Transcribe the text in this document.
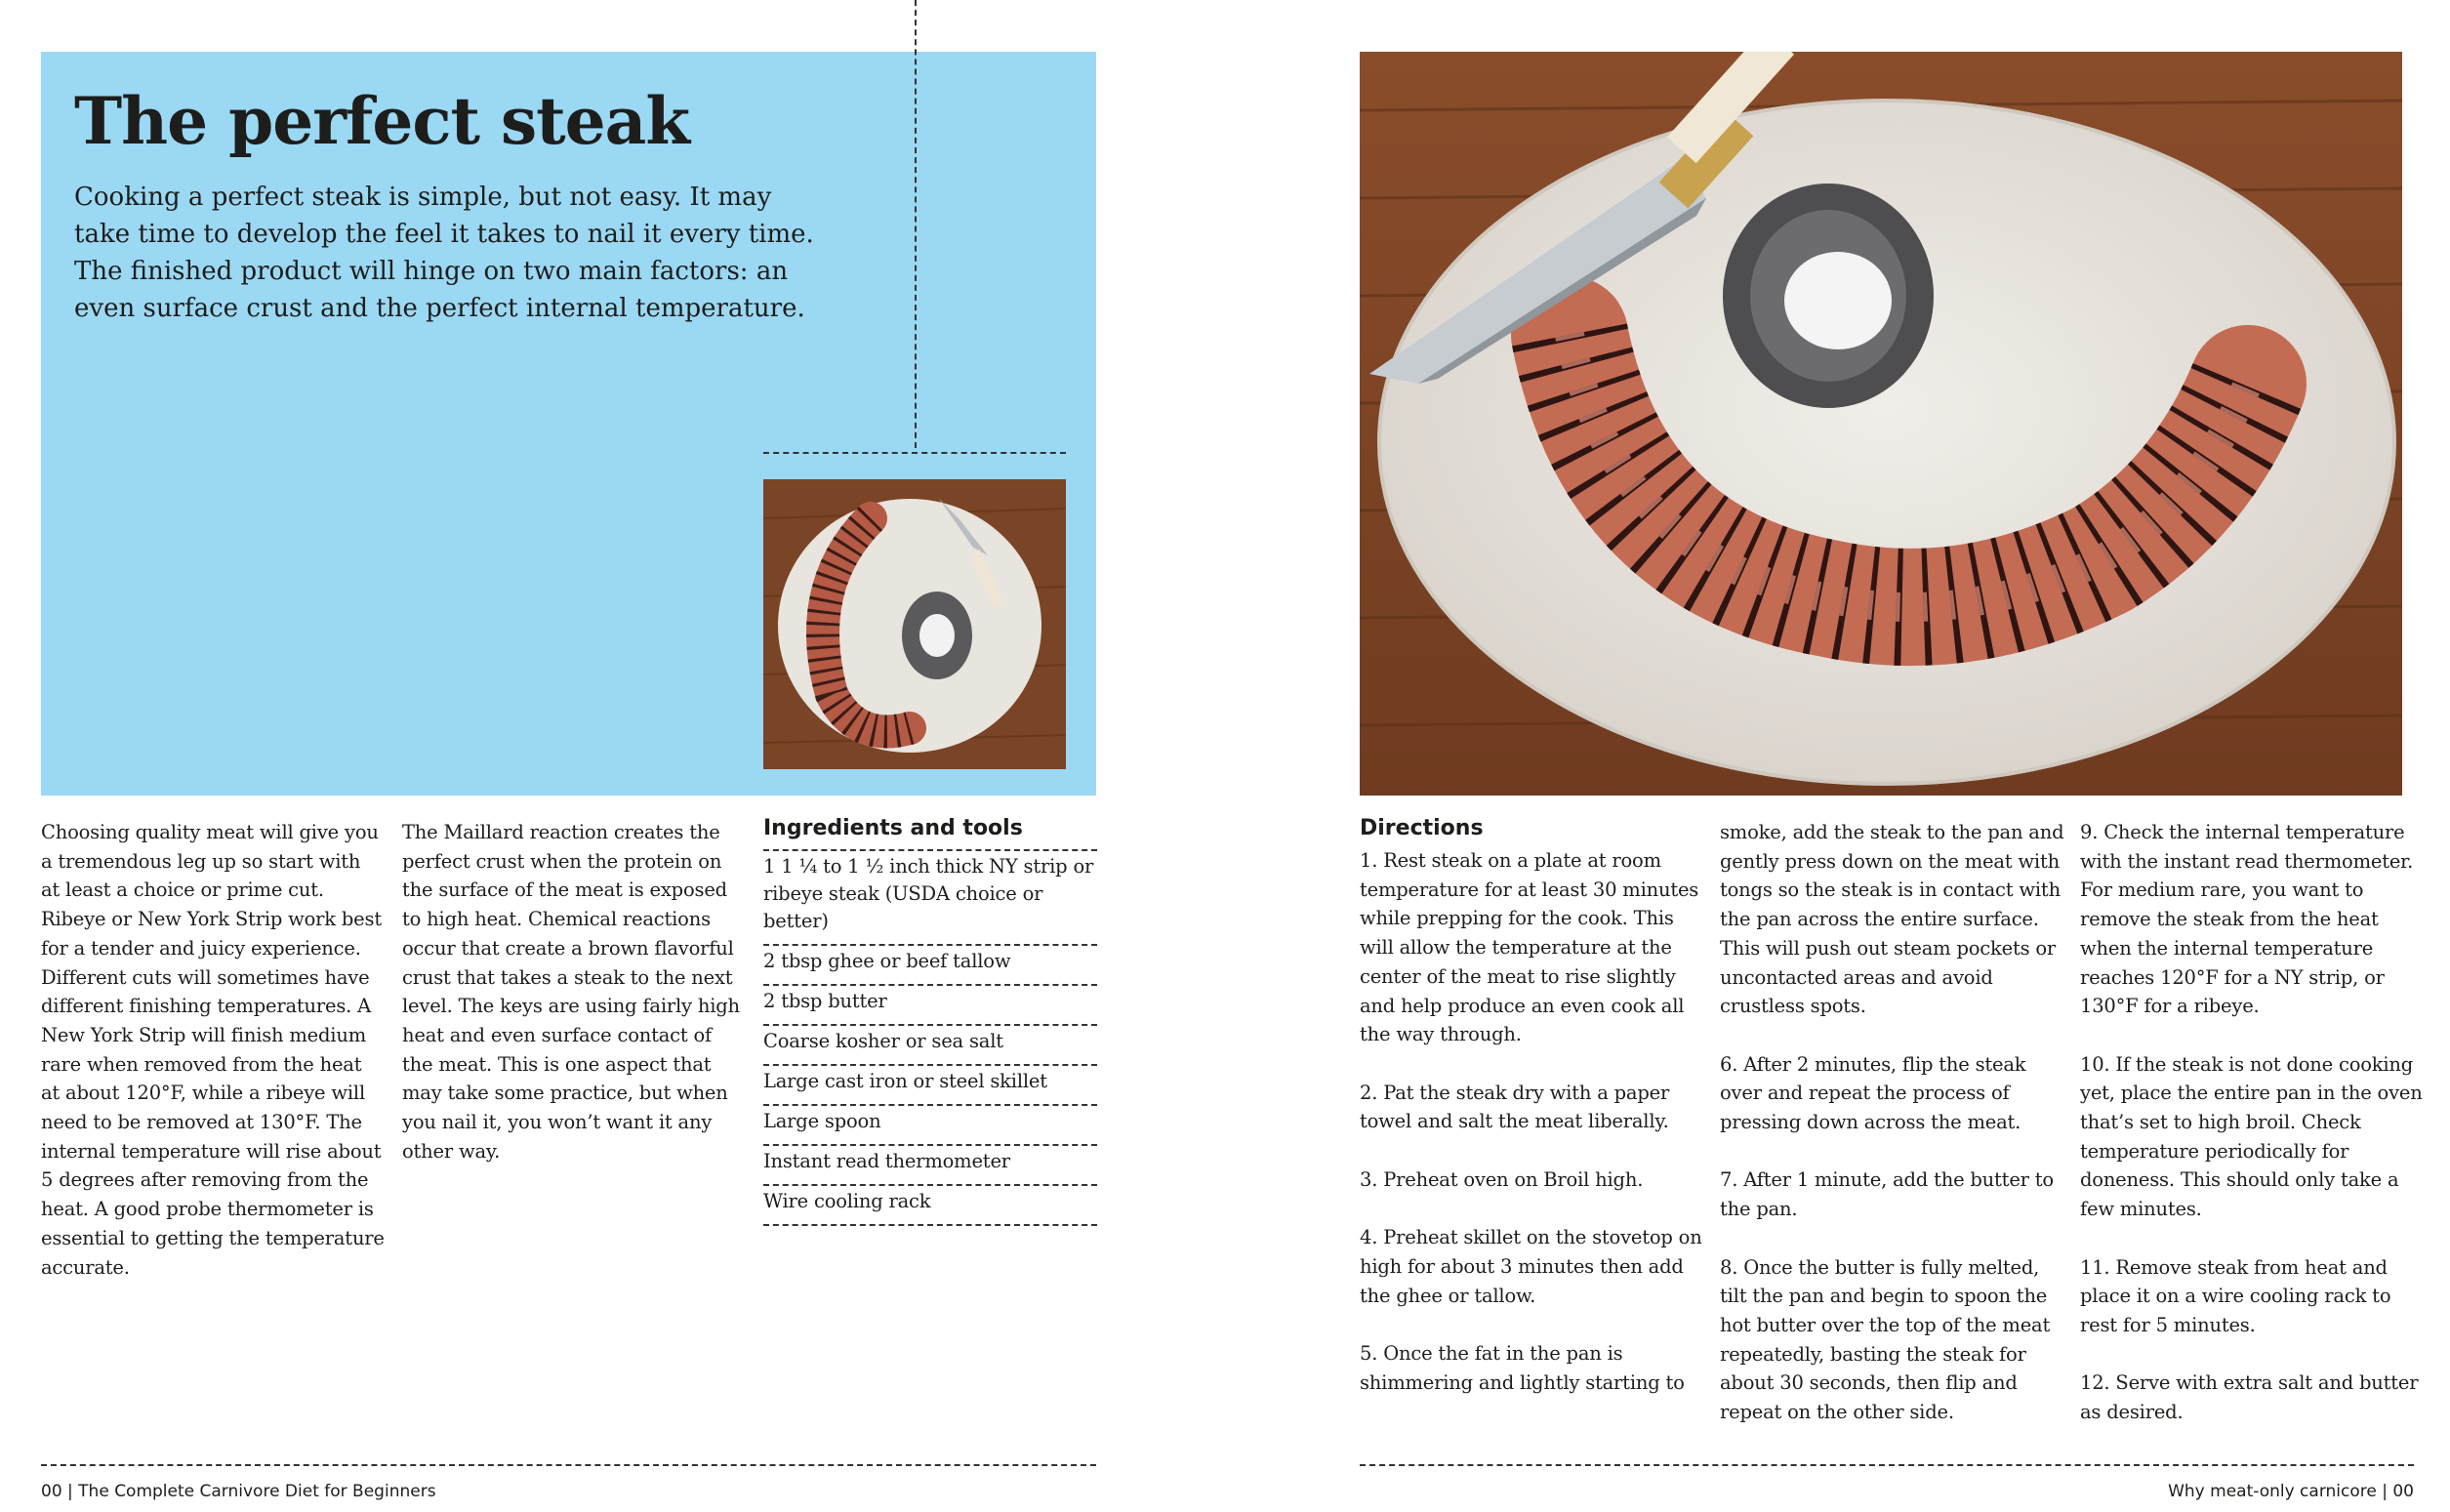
The perfect steak

Cooking a perfect steak is simple, but not easy. It may take time to develop the feel it takes to nail it every time. The finished product will hinge on two main factors: an even surface crust and the perfect internal temperature.

Choosing quality meat will give you a tremendous leg up so start with at least a choice or prime cut. Ribeye or New York Strip work best for a tender and juicy experience. Different cuts will sometimes have different finishing temperatures. A New York Strip will finish medium rare when removed from the heat at about 120°F, while a ribeye will need to be removed at 130°F. The internal temperature will rise about 5 degrees after removing from the heat. A good probe thermometer is essential to getting the temperature accurate.

The Maillard reaction creates the perfect crust when the protein on the surface of the meat is exposed to high heat. Chemical reactions occur that create a brown flavorful crust that takes a steak to the next level. The keys are using fairly high heat and even surface contact of the meat. This is one aspect that may take some practice, but when you nail it, you won’t want it any other way.

Ingredients and tools
1 1 ¼ to 1 ½ inch thick NY strip or ribeye steak (USDA choice or better)
2 tbsp ghee or beef tallow
2 tbsp butter
Coarse kosher or sea salt
Large cast iron or steel skillet
Large spoon
Instant read thermometer
Wire cooling rack
00 | The Complete Carnivore Diet for Beginners
Directions

1. Rest steak on a plate at room temperature for at least 30 minutes while prepping for the cook. This will allow the temperature at the center of the meat to rise slightly and help produce an even cook all the way through.

2. Pat the steak dry with a paper towel and salt the meat liberally.

3. Preheat oven on Broil high.

4. Preheat skillet on the stovetop on high for about 3 minutes then add the ghee or tallow.

5. Once the fat in the pan is shimmering and lightly starting to

smoke, add the steak to the pan and gently press down on the meat with tongs so the steak is in contact with the pan across the entire surface. This will push out steam pockets or uncontacted areas and avoid crustless spots.

6. After 2 minutes, flip the steak over and repeat the process of pressing down across the meat.

7. After 1 minute, add the butter to the pan.

8. Once the butter is fully melted, tilt the pan and begin to spoon the hot butter over the top of the meat repeatedly, basting the steak for about 30 seconds, then flip and repeat on the other side.

9. Check the internal temperature with the instant read thermometer. For medium rare, you want to remove the steak from the heat when the internal temperature reaches 120°F for a NY strip, or 130°F for a ribeye.

10. If the steak is not done cooking yet, place the entire pan in the oven that’s set to high broil. Check temperature periodically for doneness. This should only take a few minutes.

11. Remove steak from heat and place it on a wire cooling rack to rest for 5 minutes.

12. Serve with extra salt and butter as desired.

Why meat-only carnicore | 00
